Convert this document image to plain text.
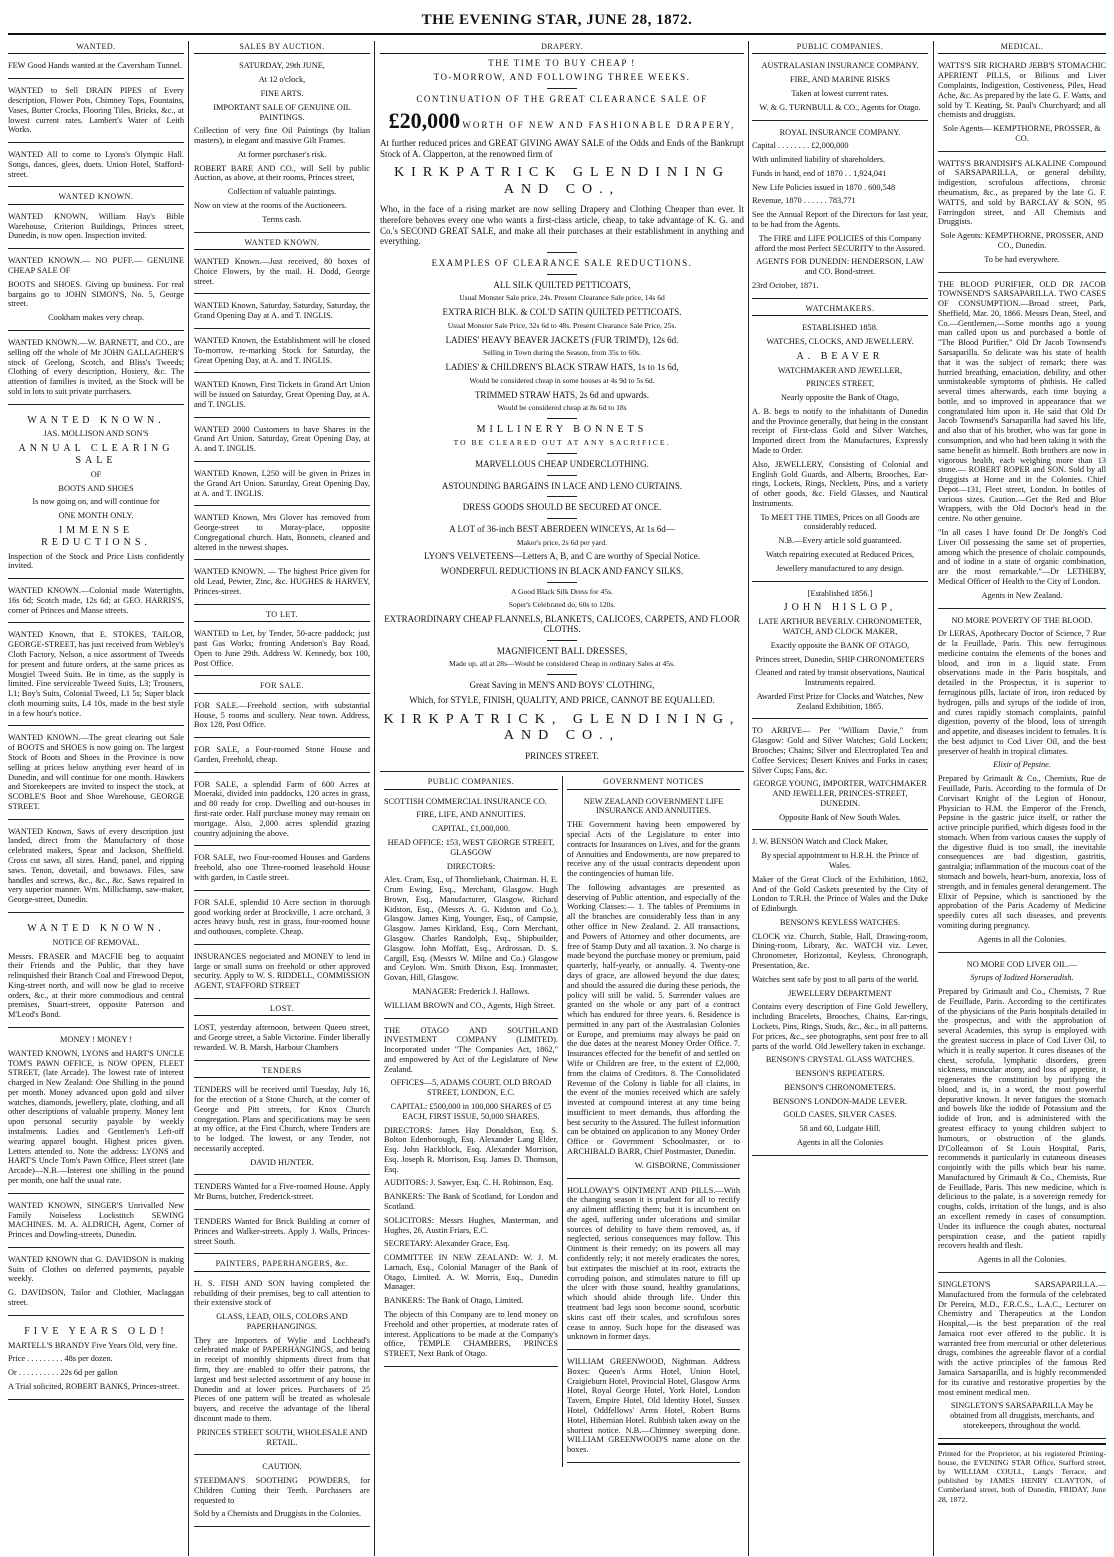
THE EVENING STAR, JUNE 28, 1872.
WANTED.

FEW Good Hands wanted at the Caversham Tunnel.

WANTED to Sell DRAIN PIPES of Every description, Flower Pots, Chimney Tops, Fountains, Vases, Butter Crocks, Flooring Tiles, Bricks, &c., at lowest current rates. Lambert's Water of Leith Works.

WANTED All to come to Lyons's Olympic Hall. Songs, dances, glees, duets. Union Hotel, Stafford-street.

WANTED KNOWN.

WANTED KNOWN, William Hay's Bible Warehouse, Criterion Buildings, Princes street, Dunedin, is now open. Inspection invited.

WANTED KNOWN.— NO PUFF.— GENUINE CHEAP SALE OF

BOOTS and SHOES. Giving up business. For real bargains go to JOHN SIMON'S, No. 5, George street.

Cookham makes very cheap.

WANTED KNOWN.—W. BARNETT, and CO., are selling off the whole of Mr JOHN GALLAGHER'S stock of Geelong, Scotch, and Bliss's Tweeds; Clothing of every description, Hosiery, &c. The attention of families is invited, as the Stock will be sold in lots to suit private purchasers.

WANTED KNOWN.

JAS. MOLLISON AND SON'S

ANNUAL CLEARING SALE

OF

BOOTS AND SHOES

Is now going on, and will continue for

ONE MONTH ONLY.

IMMENSE REDUCTIONS.

Inspection of the Stock and Price Lists confidently invited.

WANTED KNOWN.—Colonial made Watertights, 16s 6d; Scotch made, 12s 6d; at GEO. HARRIS'S, corner of Princes and Manse streets.

WANTED Known, that E. STOKES, TAILOR, GEORGE-STREET, has just received from Webley's Cloth Factory, Nelson, a nice assortment of Tweeds for present and future orders, at the same prices as Mosgiel Tweed Suits. Be in time, as the supply is limited. Fine serviceable Tweed Suits, L3; Trousers, L1; Boy's Suits, Colonial Tweed, L1 5s; Super black cloth mourning suits, L4 10s, made in the best style in a few hour's notice.

WANTED KNOWN.—The great clearing out Sale of BOOTS and SHOES is now going on. The largest Stock of Boots and Shoes in the Province is now selling at prices below anything ever heard of in Dunedin, and will continue for one month. Hawkers and Storekeepers are invited to inspect the stock, at SCOBLE'S Boot and Shoe Warehouse, GEORGE STREET.

WANTED Known, Saws of every description just landed, direct from the Manufactory of those celebrated makers, Spear and Jackson, Sheffield. Cross cut saws, all sizes. Hand, panel, and ripping saws. Tenon, dovetail, and bowsaws. Files, saw handles and screws, &c., &c., &c. Saws repaired in very superior manner. Wm. Millichamp, saw-maker, George-street, Dunedin.

WANTED KNOWN.

NOTICE OF REMOVAL.

Messrs. FRASER and MACFIE beg to acquaint their Friends and the Public, that they have relinquished their Branch Coal and Firewood Depot, King-street north, and will now be glad to receive orders, &c., at their more commodious and central premises, Stuart-street, opposite Paterson and M'Leod's Bond.

MONEY ! MONEY !

WANTED KNOWN, LYONS and HART'S UNCLE TOM'S PAWN OFFICE, is NOW OPEN, FLEET STREET, (late Arcade). The lowest rate of interest charged in New Zealand: One Shilling in the pound per month. Money advanced upon gold and silver watches, diamonds, jewellery, plate, clothing, and all other descriptions of valuable property. Money lent upon personal security payable by weekly instalments. Ladies and Gentlemen's Left-off wearing apparel bought. Highest prices given. Letters attended to. Note the address: LYONS and HART'S Uncle Tom's Pawn Office, Fleet street (late Arcade)—N.B.—Interest one shilling in the pound per month, one half the usual rate.

WANTED KNOWN, SINGER'S Unrivalled New Family Noiseless Lockstitch SEWING MACHINES. M. A. ALDRICH, Agent, Corner of Princes and Dowling-streets, Dunedin.

WANTED KNOWN that G. DAVIDSON is making Suits of Clothes on deferred payments, payable weekly.

G. DAVIDSON, Tailor and Clothier, Maclaggan street.

FIVE YEARS OLD!

MARTELL'S BRANDY Five Years Old, very fine.

Price . . . . . . . . . 48s per dozen.

Or . . . . . . . . . . 22s 6d per gallon

A Trial solicited, ROBERT BANKS, Princes-street.

SALES BY AUCTION.

SATURDAY, 29th JUNE,

At 12 o'clock,

FINE ARTS.

IMPORTANT SALE OF GENUINE OIL PAINTINGS.

Collection of very fine Oil Paintings (by Italian masters), in elegant and massive Gilt Frames.

At former purchaser's risk.

ROBERT BARE AND CO., will Sell by public Auction, as above, at their rooms, Princes street,

Collection of valuable paintings.

Now on view at the rooms of the Auctioneers.

Terms cash.

WANTED KNOWN.

WANTED Known.—Just received, 80 boxes of Choice Flowers, by the mail. H. Dodd, George street.

WANTED Known, Saturday, Saturday, Saturday, the Grand Opening Day at A. and T. INGLIS.

WANTED Known, the Establishment will be closed To-morrow, re-marking Stock for Saturday, the Great Opening Day, at A. and T. INGLIS.

WANTED Known, First Tickets in Grand Art Union will be issued on Saturday, Great Opening Day, at A. and T. INGLIS.

WANTED 2000 Customers to have Shares in the Grand Art Union. Saturday, Great Opening Day, at A. and T. INGLIS.

WANTED Known, L250 will be given in Prizes in the Grand Art Union. Saturday, Great Opening Day, at A. and T. INGLIS.

WANTED Known, Mrs Glover has removed from George-street to Moray-place, opposite Congregational church. Hats, Bonnets, cleaned and altered in the newest shapes.

WANTED KNOWN. — The highest Price given for old Lead, Pewter, Zinc, &c. HUGHES & HARVEY, Princes-street.

TO LET.

WANTED to Let, by Tender, 50-acre paddock; just past Gas Works; fronting Anderson's Bay Road. Open to June 29th. Address W. Kennedy, box 100, Post Office.

FOR SALE.

FOR SALE.—Freehold section, with substantial House, 5 rooms and scullery. Near town. Address, Box 128, Post Office.

FOR SALE, a Four-roomed Stone House and Garden, Freehold, cheap.

FOR SALE, a splendid Farm of 600 Acres at Moeraki, divided into paddocks, 120 acres in grass, and 80 ready for crop. Dwelling and out-houses in first-rate order. Half purchase money may remain on mortgage. Also, 2,000 acres splendid grazing country adjoining the above.

FOR SALE, two Four-roomed Houses and Gardens freehold, also one Three-roomed leasehold House with garden, in Castle street.

FOR SALE, splendid 10 Acre section in thorough good working order at Brockville, 1 acre orchard, 3 acres heavy bush, rest in grass, four-roomed house and outhouses, complete. Cheap.

INSURANCES negociated and MONEY to lend in large or small sums on freehold or other approved security. Apply to W. S. RIDDELL, COMMISSION AGENT, STAFFORD STREET

LOST.

LOST, yesterday afternoon, between Queen street, and George street, a Sable Victorine. Finder liberally rewarded. W. B. Marsh, Harbour Chambers

TENDERS

TENDERS will be received until Tuesday, July 16, for the erection of a Stone Church, at the corner of George and Pitt streets, for Knox Church congregation. Plans and specifications may be seen at my office, at the First Church, where Tenders are to be lodged. The lowest, or any Tender, not necessarily accepted.

DAVID HUNTER.

TENDERS Wanted for a Five-roomed House. Apply Mr Burns, butcher, Frederick-street.

TENDERS Wanted for Brick Building at corner of Princes and Walker-streets. Apply J. Walls, Princes-street South.

PAINTERS, PAPERHANGERS, &c.

H. S. FISH AND SON having completed the rebuilding of their premises, beg to call attention to their extensive stock of

GLASS, LEAD, OILS, COLORS AND PAPERHANGINGS.

They are Importers of Wylie and Lochhead's celebrated make of PAPERHANGINGS, and being in receipt of monthly shipments direct from that firm, they are enabled to offer their patrons, the largest and best selected assortment of any house in Dunedin and at lower prices. Purchasers of 25 Pieces of one pattern will be treated as wholesale buyers, and receive the advantage of the liberal discount made to them.

PRINCES STREET SOUTH, WHOLESALE AND RETAIL.

CAUTION.

STEEDMAN'S SOOTHING POWDERS, for Children Cutting their Teeth. Purchasers are requested to

Sold by a Chemists and Druggists in the Colonies.

DRAPERY.
THE TIME TO BUY CHEAP !
TO-MORROW, AND FOLLOWING THREE WEEKS.
CONTINUATION OF THE GREAT CLEARANCE SALE OF
£20,000 WORTH OF NEW AND FASHIONABLE DRAPERY,

At further reduced prices and GREAT GIVING AWAY SALE of the Odds and Ends of the Bankrupt Stock of A. Clapperton, at the renowned firm of

KIRKPATRICK GLENDINING AND CO.,

Who, in the face of a rising market are now selling Drapery and Clothing Cheaper than ever. It therefore behoves every one who wants a first-class article, cheap, to take advantage of K. G. and Co.'s SECOND GREAT SALE, and make all their purchases at their establishment in anything and everything.

EXAMPLES OF CLEARANCE SALE REDUCTIONS.

ALL SILK QUILTED PETTICOATS,

Usual Monster Sale price, 24s. Present Clearance Sale price, 14s 6d

EXTRA RICH BLK. & COL'D SATIN QUILTED PETTICOATS.

Usual Monster Sale Price, 32s 6d to 48s. Present Clearance Sale Price, 25s.

LADIES' HEAVY BEAVER JACKETS (FUR TRIM'D), 12s 6d.

Selling in Town during the Season, from 35s to 60s.

LADIES' & CHILDREN'S BLACK STRAW HATS, 1s to 1s 6d,

Would be considered cheap in some houses at 4s 9d to 5s 6d.

TRIMMED STRAW HATS, 2s 6d and upwards.

Would be considered cheap at 8s 6d to 18s

MILLINERY BONNETS

TO BE CLEARED OUT AT ANY SACRIFICE.

MARVELLOUS CHEAP UNDERCLOTHING.

ASTOUNDING BARGAINS IN LACE AND LENO CURTAINS.

DRESS GOODS SHOULD BE SECURED AT ONCE.

A LOT of 36-inch BEST ABERDEEN WINCEYS, At 1s 6d—

Maker's price, 2s 6d per yard.

LYON'S VELVETEENS—Letters A, B, and C are worthy of Special Notice.

WONDERFUL REDUCTIONS IN BLACK AND FANCY SILKS.

A Good Black Silk Dress for 45s.

Soper's Celebrated do, 60s to 120s.

EXTRAORDINARY CHEAP FLANNELS, BLANKETS, CALICOES, CARPETS, AND FLOOR CLOTHS.

MAGNIFICENT BALL DRESSES,

Made up, all at 28s—Would be considered Cheap in ordinary Sales at 45s.

Great Saving in MEN'S AND BOYS' CLOTHING,

Which, for STYLE, FINISH, QUALITY, AND PRICE, CANNOT BE EQUALLED.

KIRKPATRICK, GLENDINING, AND CO.,

PRINCES STREET.

PUBLIC COMPANIES.

SCOTTISH COMMERCIAL INSURANCE CO.

FIRE, LIFE, AND ANNUITIES.

CAPITAL, £1,000,000.

HEAD OFFICE: 153, WEST GEORGE STREET, GLASGOW

DIRECTORS:

Alex. Cram, Esq., of Thornliebank, Chairman. H. E. Crum Ewing, Esq., Merchant, Glasgow. Hugh Brown, Esq., Manufacturer, Glasgow. Richard Kidston, Esq., (Messrs A. G. Kidston and Co.), Glasgow. James King, Younger, Esq., of Campsie, Glasgow. James Kirkland, Esq., Corn Merchant, Glasgow. Charles Randolph, Esq., Shipbuilder, Glasgow. John Moffatt, Esq., Ardrossan. D. S. Cargill, Esq. (Messrs W. Milne and Co.) Glasgow and Ceylon. Wm. Smith Dixon, Esq. Ironmaster, Govan, Hill, Glasgow.

MANAGER: Frederick J. Hallows.

WILLIAM BROWN and CO., Agents, High Street.

THE OTAGO AND SOUTHLAND INVESTMENT COMPANY (LIMITED). Incorporated under "The Companies Act, 1862," and empowered by Act of the Legislature of New Zealand.

OFFICES—5, ADAMS COURT, OLD BROAD STREET, LONDON, E.C.

CAPITAL: £500,000 in 100,000 SHARES of £5 EACH, FIRST ISSUE, 50,000 SHARES.

DIRECTORS: James Hay Donaldson, Esq. S. Bolton Edenborough, Esq. Alexander Lang Elder, Esq. John Hackblock, Esq. Alexander Morrison, Esq. Joseph R. Morrison, Esq. James D. Thomson, Esq.

AUDITORS: J. Sawyer, Esq. C. H. Robinson, Esq.

BANKERS: The Bank of Scotland, for London and Scotland.

SOLICITORS: Messrs Hughes, Masterman, and Hughes, 26, Austin Friars, E.C.

SECRETARY: Alexander Grace, Esq.

COMMITTEE IN NEW ZEALAND: W. J. M. Larnach, Esq., Colonial Manager of the Bank of Otago, Limited. A. W. Morris, Esq., Dunedin Manager.

BANKERS: The Bank of Otago, Limited.

The objects of this Company are to lend money on Freehold and other properties, at moderate rates of interest. Applications to be made at the Company's office, TEMPLE CHAMBERS, PRINCES STREET, Next Bank of Otago.

GOVERNMENT NOTICES

NEW ZEALAND GOVERNMENT LIFE INSURANCE AND ANNUITIES.

THE Government having been empowered by special Acts of the Legislature to enter into contracts for Insurances on Lives, and for the grants of Annuities and Endowments, are now prepared to receive any of the usual contracts dependent upon the contingencies of human life.

The following advantages are presented as deserving of Public attention, and especially of the Working Classes:— 1. The tables of Premiums in all the branches are considerably less than in any other office in New Zealand. 2. All transactions, and Powers of Attorney and other documents, are free of Stamp Duty and all taxation. 3. No charge is made beyond the purchase money or premium, paid quarterly, half-yearly, or annually. 4. Twenty-one days of grace, are allowed beyond the due dates; and should the assured die during these periods, the policy will still be valid. 5. Surrender values are granted on the whole or any part of a contract which has endured for three years. 6. Residence is permitted in any part of the Australasian Colonies or Europe, and premiums may always be paid on the due dates at the nearest Money Order Office. 7. Insurances effected for the benefit of and settled on Wife or Children are free, to the extent of £2,000, from the claims of Creditors. 8. The Consolidated Revenue of the Colony is liable for all claims, in the event of the monies received which are safely invested at compound interest at any time being insufficient to meet demands, thus affording the best security to the Assured. The fullest information can be obtained on application to any Money Order Office or Government Schoolmaster, or to ARCHIBALD BARR, Chief Postmaster, Dunedin.

W. GISBORNE, Commissioner

HOLLOWAY'S OINTMENT AND PILLS.—With the changing season it is prudent for all to rectify any ailment afflicting them; but it is incumbent on the aged, suffering under ulcerations and similar sources of debility to have them removed, as, if neglected, serious consequences may follow. This Ointment is their remedy; on its powers all may confidently rely; it not merely eradicates the sores, but extirpates the mischief at its root, extracts the corroding poison, and stimulates nature to fill up the ulcer with those sound, healthy granulations, which should abide through life. Under this treatment bad legs soon become sound, scorbutic skins cast off their scales, and scrofulous sores cease to annoy. Such hope for the diseased was unknown in former days.

WILLIAM GREENWOOD, Nightman. Address Boxes: Queen's Arms Hotel, Union Hotel, Craigieburn Hotel, Provincial Hotel, Glasgow Arms Hotel, Royal George Hotel, York Hotel, London Tavern, Empire Hotel, Old Identity Hotel, Sussex Hotel, Oddfellows' Arms Hotel, Robert Burns Hotel, Hibernian Hotel. Rubbish taken away on the shortest notice. N.B.—Chimney sweeping done. WILLIAM GREENWOOD'S name alone on the boxes.

PUBLIC COMPANIES.

AUSTRALASIAN INSURANCE COMPANY.

FIRE, AND MARINE RISKS

Taken at lowest current rates.

W. & G. TURNBULL & CO., Agents for Otago.

ROYAL INSURANCE COMPANY.

Capital . . . . . . . . £2,000,000

With unlimited liability of shareholders.

Funds in hand, end of 1870 . . 1,924,041

New Life Policies issued in 1870 . 600,548

Revenue, 1870 . . . . . . 783,771

See the Annual Report of the Directors for last year, to be had from the Agents.

The FIRE and LIFE POLICIES of this Company afford the most Perfect SECURITY to the Assured.

AGENTS FOR DUNEDIN: HENDERSON, LAW and CO. Bond-street.

23rd October, 1871.

WATCHMAKERS.

ESTABLISHED 1858.

WATCHES, CLOCKS, AND JEWELLERY.

A. BEAVER

WATCHMAKER AND JEWELLER,

PRINCES STREET,

Nearly opposite the Bank of Otago,

A. B. begs to notify to the inhabitants of Dunedin and the Province generally, that being in the constant receipt of First-class Gold and Silver Watches, Imported direct from the Manufactures, Expressly Made to Order.

Also, JEWELLERY, Consisting of Colonial and English Gold Guards, and Alberts, Brooches, Ear-rings, Lockets, Rings, Necklets, Pins, and a variety of other goods, &c. Field Glasses, and Nautical Instruments.

To MEET THE TIMES, Prices on all Goods are considerably reduced.

N.B.—Every article sold guaranteed.

Watch repairing executed at Reduced Prices,

Jewellery manufactured to any design.

[Established 1856.]

JOHN HISLOP,

LATE ARTHUR BEVERLY. CHRONOMETER, WATCH, AND CLOCK MAKER,

Exactly opposite the BANK OF OTAGO,

Princes street, Dunedin, SHIP CHRONOMETERS

Cleaned and rated by transit observations, Nautical Instruments repaired.

Awarded First Prize for Clocks and Watches, New Zealand Exhibition, 1865.

TO ARRIVE— Per "William Davie," from Glasgow: Gold and Silver Watches; Gold Lockets; Brooches; Chains; Silver and Electroplated Tea and Coffee Services; Desert Knives and Forks in cases; Silver Cups; Fans, &c.

GEORGE YOUNG, IMPORTER, WATCHMAKER AND JEWELLER, PRINCES-STREET, DUNEDIN.

Opposite Bank of New South Wales.

J. W. BENSON Watch and Clock Maker,

By special appointment to H.R.H. the Prince of Wales.

Maker of the Great Clock of the Exhibition, 1862, And of the Gold Caskets presented by the City of London to T.R.H. the Prince of Wales and the Duke of Edinburgh.

BENSON'S KEYLESS WATCHES.

CLOCK viz. Church, Stable, Hall, Drawing-room, Dining-room, Library, &c. WATCH viz. Lever, Chronometer, Horizontal, Keyless, Chronograph, Presentation, &c.

Watches sent safe by post to all parts of the world.

JEWELLERY DEPARTMENT

Contains every description of Fine Gold Jewellery, including Bracelets, Brooches, Chains, Ear-rings, Lockets, Pins, Rings, Studs, &c., &c., in all patterns. For prices, &c., see photographs, sent post free to all parts of the world. Old Jewellery taken in exchange.

BENSON'S CRYSTAL GLASS WATCHES.

BENSON'S REPEATERS.

BENSON'S CHRONOMETERS.

BENSON'S LONDON-MADE LEVER.

GOLD CASES, SILVER CASES.

58 and 60, Ludgate Hill.

Agents in all the Colonies

MEDICAL.

WATTS'S SIR RICHARD JEBB'S STOMACHIC APERIENT PILLS, or Bilious and Liver Complaints, Indigestion, Costiveness, Piles, Head Ache, &c. As prepared by the late G. F. Watts, and sold by T. Keating, St. Paul's Churchyard; and all chemists and druggists.

Sole Agents— KEMPTHORNE, PROSSER, & CO.

WATTS'S BRANDISH'S ALKALINE Compound of SARSAPARILLA, or general debility, indigestion, scrofulous affections, chronic rheumatism, &c., as prepared by the late G. F. WATTS, and sold by BARCLAY & SON, 95 Farringdon street, and All Chemists and Druggists.

Sole Agents: KEMPTHORNE, PROSSER, AND CO., Dunedin.

To be had everywhere.

THE BLOOD PURIFIER, OLD DR JACOB TOWNSEND'S SARSAPARILLA. TWO CASES OF CONSUMPTION.—Broad street, Park, Sheffield, Mar. 20, 1866. Messrs Dean, Steel, and Co.—Gentlemen,—Some months ago a young man called upon us and purchased a bottle of "The Blood Purifier," Old Dr Jacob Townsend's Sarsaparilla. So delicate was his state of health that it was the subject of remark; there was hurried breathing, emaciation, debility, and other unmistakeable symptoms of phthisis. He called several times afterwards, each time buying a bottle, and so improved in appearance that we congratulated him upon it. He said that Old Dr Jacob Townsend's Sarsaparilla had saved his life, and also that of his brother, who was far gone in consumption, and who had been taking it with the same benefit as himself. Both brothers are now in vigorous health, each weighing more than 13 stone.— ROBERT ROPER and SON. Sold by all druggists at Home and in the Colonies. Chief Depot—131, Fleet street, London. In bottles of various sizes. Caution.—Get the Red and Blue Wrappers, with the Old Doctor's head in the centre. No other genuine.

"In all cases I have found Dr De Jongh's Cod Liver Oil possessing the same set of properties, among which the presence of cholaic compounds, and of iodine in a state of organic combination, are the most remarkable."—Dr LETHEBY, Medical Officer of Health to the City of London.

Agents in New Zealand.

NO MORE POVERTY OF THE BLOOD.

Dr LERAS, Apothecary Doctor of Science, 7 Rue de la Feuillade, Paris. This new ferruginous medicine contains the elements of the bones and blood, and iron in a liquid state. From observations made in the Paris hospitals, and detailed in the Prospectus, it is superior to ferruginous pills, lactate of iron, iron reduced by hydrogen, pills and syrups of the iodide of iron, and cures rapidly stomach complaints, painful digestion, poverty of the blood, loss of strength and appetite, and diseases incident to females. It is the best adjunct to Cod Liver Oil, and the best preserver of health in tropical climates.

Elixir of Pepsine.

Prepared by Grimault & Co., Chemists, Rue de Feuillade, Paris. According to the formula of Dr Corvisart Knight of the Legion of Honour, Physician to H.M. the Emperor of the French, Pepsine is the gastric juice itself, or rather the active principle purified, which digests food in the stomach. When from various causes the supply of the digestive fluid is too small, the inevitable consequences are bad digestion, gastritis, gastralgia; inflammation of the mucous coat of the stomach and bowels, heart-burn, anorexia, loss of strength, and in females general derangement. The Elixir of Pepsine, which is sanctioned by the approbation of the Paris Academy of Medicine speedily cures all such diseases, and prevents vomiting during pregnancy.

Agents in all the Colonies.

NO MORE COD LIVER OIL.—

Syrups of Iodized Horseradish.

Prepared by Grimault and Co., Chemists, 7 Rue de Feuillade, Paris. According to the certificates of the physicians of the Paris hospitals detailed in the prospectus, and with the approbation of several Academies, this syrup is employed with the greatest success in place of Cod Liver Oil, to which it is really superior. It cures diseases of the chest, scrofula, lymphatic disorders, green sickness, muscular atony, and loss of appetite, it regenerates the constitution by purifying the blood, and is, in a word, the most powerful depurative known. It never fatigues the stomach and bowels like the iodide of Potassium and the iodide of Iron, and is administered with the greatest efficacy to young children subject to humours, or obstruction of the glands. D'Colleanson of St Louis Hospital, Paris, recommends it particularly in cutaneous diseases conjointly with the pills which bear his name. Manufactured by Grimault & Co., Chemists, Rue de Feuillade, Paris. This new medicine, which is delicious to the palate, is a sovereign remedy for coughs, colds, irritation of the lungs, and is also an excellent remedy in cases of consumption. Under its influence the cough abates, nocturnal perspiration cease, and the patient rapidly recovers health and flesh.

Agents in all the Colonies.

SINGLETON'S SARSAPARILLA.— Manufactured from the formula of the celebrated Dr Pereira, M.D., F.R.C.S., L.A.C., Lecturer on Chemistry and Therapeutics at the London Hospital,—is the best preparation of the real Jamaica root ever offered to the public. It is warranted free from mercurial or other deleterious drugs, combines the agreeable flavor of a cordial with the active principles of the famous Red Jamaica Sarsaparilla, and is highly recommended for its curative and restorative properties by the most eminent medical men.

SINGLETON'S SARSAPARILLA May be obtained from all druggists, merchants, and storekeepers, throughout the world.

Printed for the Proprietor, at his registered Printing-house, the EVENING STAR Office, Stafford street, by WILLIAM COULL, Lang's Terrace, and published by JAMES HENRY CLAYTON, of Cumberland street, both of Dunedin, FRIDAY, June 28, 1872.
